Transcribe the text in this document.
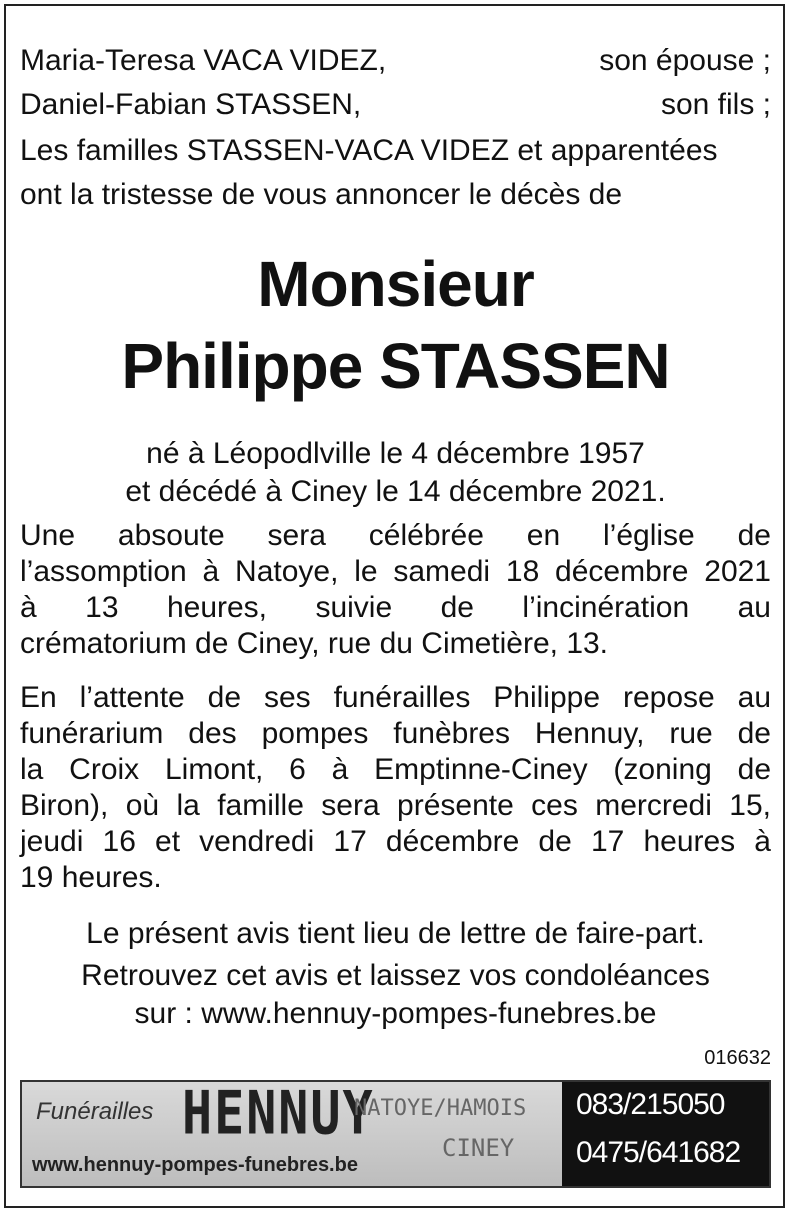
Maria-Teresa VACA VIDEZ,	son épouse ;
Daniel-Fabian STASSEN,	son fils ;
Les familles STASSEN-VACA VIDEZ et apparentées
ont la tristesse de vous annoncer le décès de
Monsieur
Philippe STASSEN
né à Léopodlville le 4 décembre 1957
et décédé à Ciney le 14 décembre 2021.
Une absoute sera célébrée en l’église de
l’assomption à Natoye, le samedi 18 décembre 2021
à 13 heures, suivie de l’incinération au
crématorium de Ciney, rue du Cimetière, 13.
En l’attente de ses funérailles Philippe repose au
funérarium des pompes funèbres Hennuy, rue de
la Croix Limont, 6 à Emptinne-Ciney (zoning de
Biron), où la famille sera présente ces mercredi 15,
jeudi 16 et vendredi 17 décembre de 17 heures à
19 heures.
Le présent avis tient lieu de lettre de faire-part.
Retrouvez cet avis et laissez vos condoléances
sur : www.hennuy-pompes-funebres.be
016632
Funérailles HENNUY
NATOYE/HAMOIS
CINEY
www.hennuy-pompes-funebres.be
083/215050
0475/641682
